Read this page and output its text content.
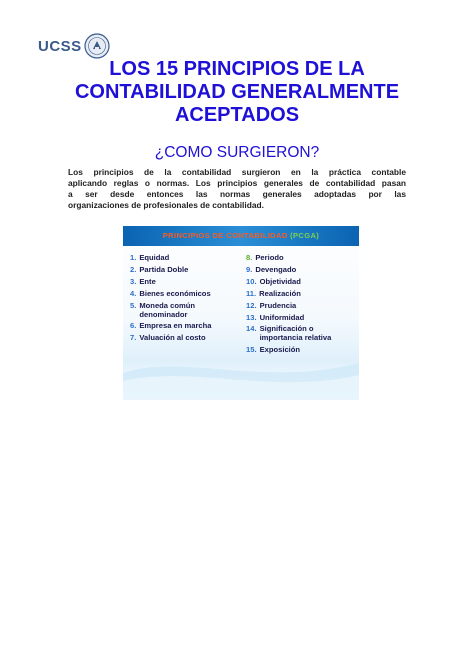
UCSS
LOS 15 PRINCIPIOS DE LA
CONTABILIDAD GENERALMENTE
ACEPTADOS
¿COMO SURGIERON?
Los principios de la contabilidad surgieron en la práctica contable
aplicando reglas o normas. Los principios generales de contabilidad pasan
a ser desde entonces las normas generales adoptadas por las
organizaciones de profesionales de contabilidad.
PRINCIPIOS DE CONTABILIDAD (PCGA)
1. Equidad
2. Partida Doble
3. Ente
4. Bienes económicos
5. Moneda común denominador
6. Empresa en marcha
7. Valuación al costo
8. Periodo
9. Devengado
10. Objetividad
11. Realización
12. Prudencia
13. Uniformidad
14. Significación o importancia relativa
15. Exposición
